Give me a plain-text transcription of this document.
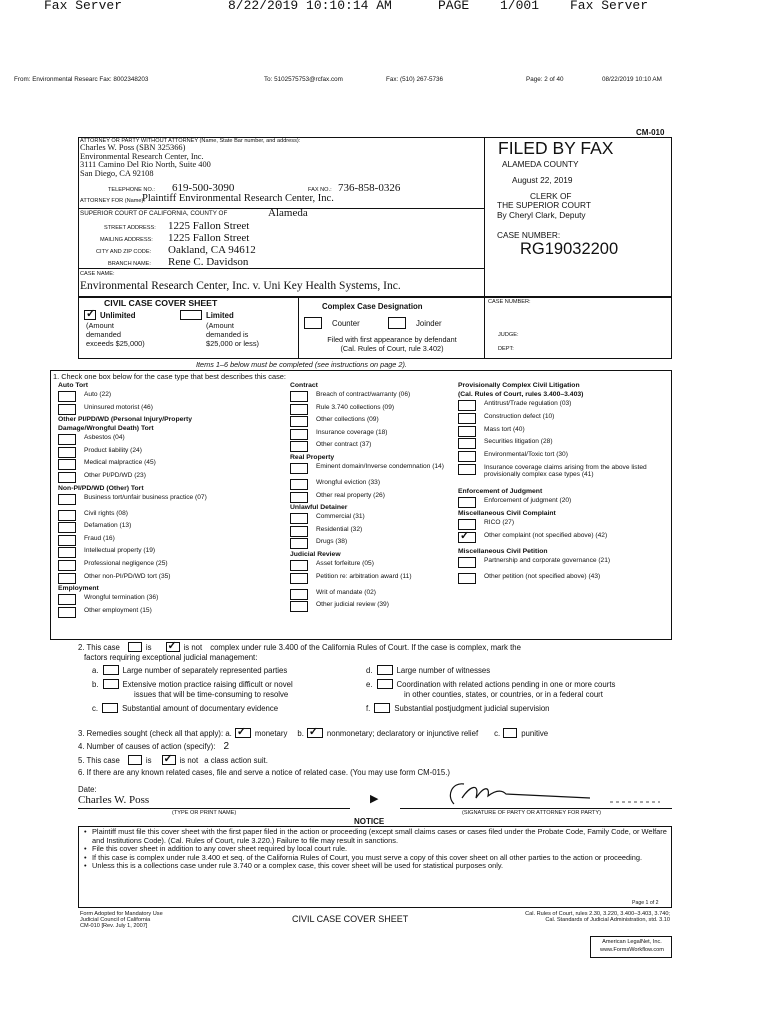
Fax Server	8/22/2019 10:10:14 AM	PAGE 1/001 Fax Server
From: Environmental Researc Fax: 8002348203	To: 5102575753@rcfax.com	Fax: (510) 267-5736	Page: 2 of 40	08/22/2019 10:10 AM
CM-010
ATTORNEY OR PARTY WITHOUT ATTORNEY (Name, State Bar number, and address):
Charles W. Poss (SBN 325366)
Environmental Research Center, Inc.
3111 Camino Del Rio North, Suite 400
San Diego, CA 92108
TELEPHONE NO.: 619-500-3090	FAX NO.: 736-858-0326
ATTORNEY FOR (Name):
Plaintiff Environmental Research Center, Inc.
SUPERIOR COURT OF CALIFORNIA, COUNTY OF	Alameda
STREET ADDRESS: 1225 Fallon Street
MAILING ADDRESS: 1225 Fallon Street
CITY AND ZIP CODE: Oakland, CA 94612
BRANCH NAME: Rene C. Davidson
CASE NAME:
Environmental Research Center, Inc. v. Uni Key Health Systems, Inc.
FILED BY FAX
ALAMEDA COUNTY
August 22, 2019
CLERK OF
THE SUPERIOR COURT
By Cheryl Clark, Deputy
CASE NUMBER:
RG19032200
CIVIL CASE COVER SHEET
✓
Unlimited	Limited
(Amount
demanded
exceeds $25,000)
(Amount
demanded is
$25,000 or less)
Complex Case Designation
Counter	Joinder
Filed with first appearance by defendant
(Cal. Rules of Court, rule 3.402)
CASE NUMBER:
JUDGE:
DEPT:
Items 1–6 below must be completed (see instructions on page 2).
1. Check one box below for the case type that best describes this case:
Auto Tort
Auto (22)
Uninsured motorist (46)
Other PI/PD/WD (Personal Injury/Property
Damage/Wrongful Death) Tort
Asbestos (04)
Product liability (24)
Medical malpractice (45)
Other PI/PD/WD (23)
Non-PI/PD/WD (Other) Tort
Business tort/unfair business practice (07)
Civil rights (08)
Defamation (13)
Fraud (16)
Intellectual property (19)
Professional negligence (25)
Other non-PI/PD/WD tort (35)
Employment
Wrongful termination (36)
Other employment (15)
Contract
Breach of contract/warranty (06)
Rule 3.740 collections (09)
Other collections (09)
Insurance coverage (18)
Other contract (37)
Real Property
Eminent domain/Inverse condemnation (14)
Wrongful eviction (33)
Other real property (26)
Unlawful Detainer
Commercial (31)
Residential (32)
Drugs (38)
Judicial Review
Asset forfeiture (05)
Petition re: arbitration award (11)
Writ of mandate (02)
Other judicial review (39)
Provisionally Complex Civil Litigation
(Cal. Rules of Court, rules 3.400–3.403)
Antitrust/Trade regulation (03)
Construction defect (10)
Mass tort (40)
Securities litigation (28)
Environmental/Toxic tort (30)
Insurance coverage claims arising from the above listed provisionally complex case types (41)
Enforcement of Judgment
Enforcement of judgment (20)
Miscellaneous Civil Complaint
RICO (27)
✓
Other complaint (not specified above) (42)
Miscellaneous Civil Petition
Partnership and corporate governance (21)
Other petition (not specified above) (43)
2. This case	is ✓	is not complex under rule 3.400 of the California Rules of Court. If the case is complex, mark the
factors requiring exceptional judicial management:
a.	Large number of separately represented parties	d.	Large number of witnesses
b.	Extensive motion practice raising difficult or novel
issues that will be time-consuming to resolve
e.	Coordination with related actions pending in one or more courts
in other counties, states, or countries, or in a federal court
c.	Substantial amount of documentary evidence	f.	Substantial postjudgment judicial supervision
3. Remedies sought (check all that apply): a. ✓	monetary b. ✓	nonmonetary; declaratory or injunctive relief c.	punitive
4. Number of causes of action (specify): 2
5. This case	is ✓	is not a class action suit.
6. If there are any known related cases, file and serve a notice of related case. (You may use form CM-015.)
Date:
Charles W. Poss
(TYPE OR PRINT NAME)
▶
(SIGNATURE OF PARTY OR ATTORNEY FOR PARTY)
NOTICE
• Plaintiff must file this cover sheet with the first paper filed in the action or proceeding (except small claims cases or cases filed under the Probate Code, Family Code, or Welfare and Institutions Code). (Cal. Rules of Court, rule 3.220.) Failure to file may result in sanctions.
• File this cover sheet in addition to any cover sheet required by local court rule.
• If this case is complex under rule 3.400 et seq. of the California Rules of Court, you must serve a copy of this cover sheet on all other parties to the action or proceeding.
• Unless this is a collections case under rule 3.740 or a complex case, this cover sheet will be used for statistical purposes only.
Page 1 of 2
Form Adopted for Mandatory Use
Judicial Council of California
CM-010 [Rev. July 1, 2007]
CIVIL CASE COVER SHEET	Cal. Rules of Court, rules 2.30, 3.220, 3.400–3.403, 3.740;
Cal. Standards of Judicial Administration, std. 3.10
American LegalNet, Inc.
www.FormsWorkflow.com
